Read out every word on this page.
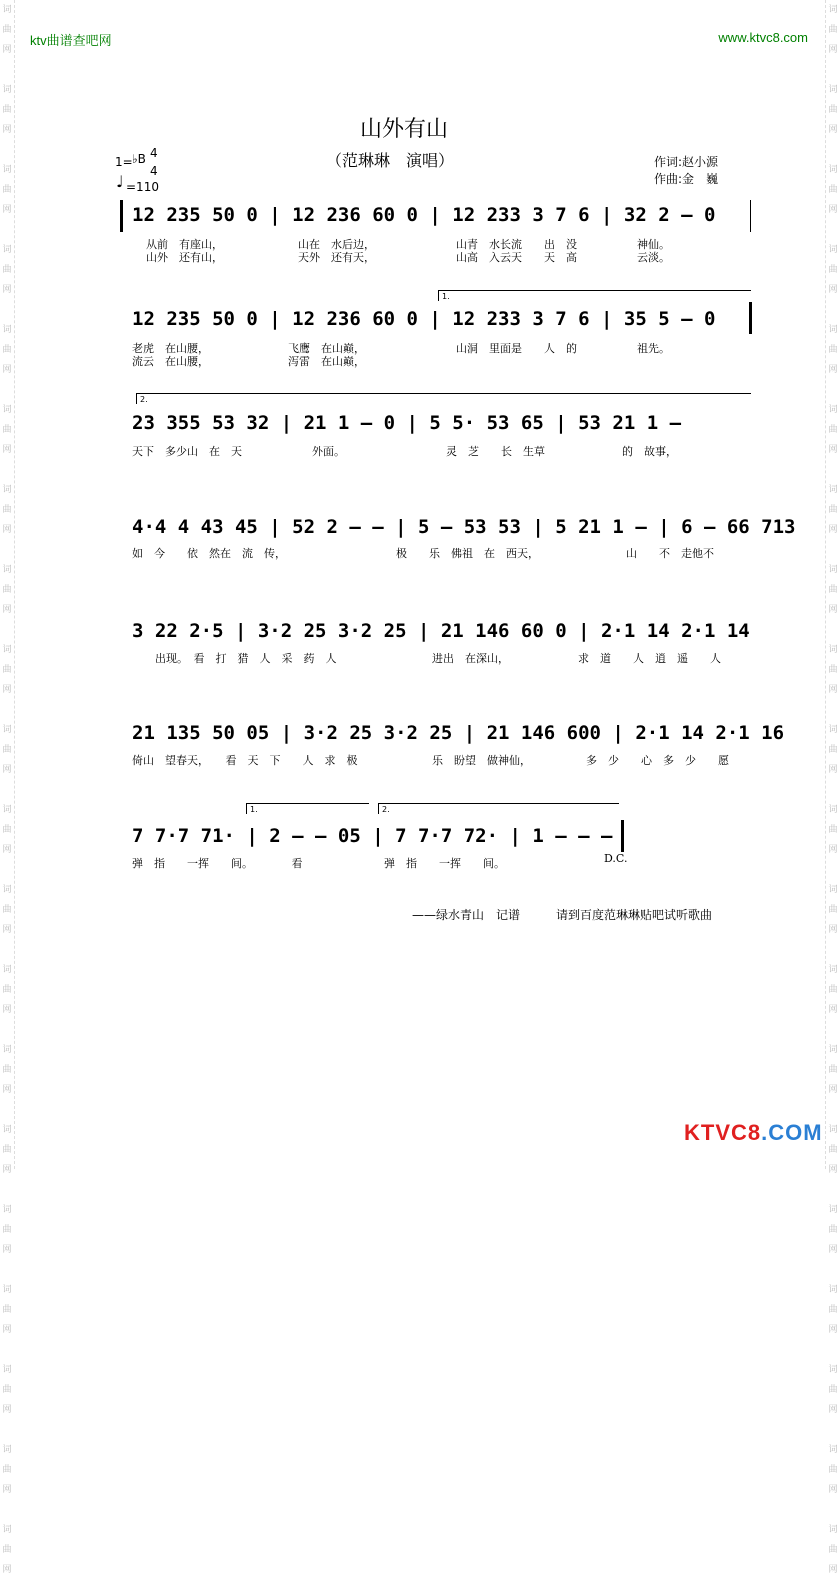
词
曲
网

词
曲
网

词
曲
网

词
曲
网

词
曲
网

词
曲
网

词
曲
网

词
曲
网

词
曲
网

词
曲
网

词
曲
网

词
曲
网

词
曲
网

词
曲
网

词
曲
网

词
曲
网

词
曲
网

词
曲
网

词
曲
网

词
曲
网

词
曲
网

词
曲
网

词
曲
网

词
曲
网

词
曲
网

词
曲
网

词
曲
网

词
曲
网

词
曲
网

词
曲
网

词
曲
网

词
曲
网

词
曲
网

词
曲
网

词
曲
网

词
曲
网

词
曲
网

词
曲
网

词
曲
网

词
曲
网

ktv曲谱查吧网	www.ktvc8.com
山外有山
（范琳琳　演唱）	作词:赵小源
作曲:金　巍
1= ♭B 4
4
♩ =110
12 235 50 0 | 12 236 60 0 | 12 233 3 7 6 | 32 2 — 0
从前　有座山，	山在　水后边，	山青　水长流　　出　没	神仙。
山外　还有山，	天外　还有天，	山高　入云天　　天　高	云淡。
1.
12 235 50 0 | 12 236 60 0 | 12 233 3 7 6 | 35 5 — 0
老虎　在山腰，	飞鹰　在山巅，	山洞　里面是　　人　的	祖先。
流云　在山腰，	泻雷　在山巅，
2.
23 355 53 32 | 21 1 — 0 | 5 5· 53 65 | 53 21 1 —
天下　多少山　在　天	外面。	灵　芝　　长　生草	的　故事，
4·4 4 43 45 | 52 2 — — | 5 — 53 53 | 5 21 1 — | 6 — 66 713
如　今　　依　然在　流　传，	极　　乐　佛祖　在　西天，	山　　不　走他不
3 22 2·5 | 3·2 25 3·2 25 | 21 146 60 0 | 2·1 14 2·1 14
出现。　看　打　猎　人　采　药　人	进出　在深山，	求　道　　人　逍　遥　　人
21 135 50 05 | 3·2 25 3·2 25 | 21 146 600 | 2·1 14 2·1 16
倚山　望春天，　　看　天　下　　人　求　极	乐　盼望　做神仙，	多　少　　心　多　少　　愿
1.	2.
7 7·7 71· | 2 — — 05 | 7 7·7 72· | 1 — — —
弹　指　　一挥　　间。　　　　看	弹　指　　一挥　　间。	D.C.
——绿水青山　记谱　　　请到百度范琳琳贴吧试听歌曲
KTVC8.COM
